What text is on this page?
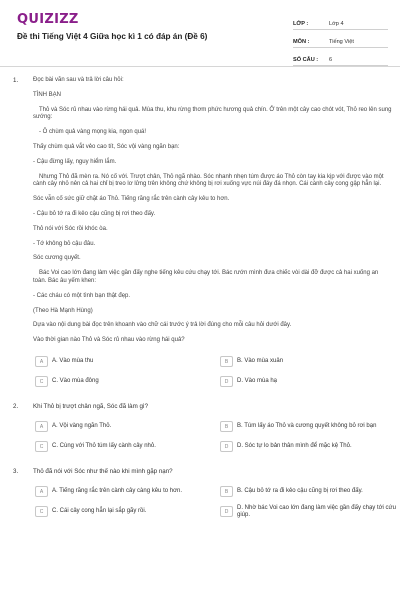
QUIZIZZ
Đề thi Tiếng Việt 4 Giữa học kì 1 có đáp án (Đề 6)
LỚP :	Lớp 4
MÔN :	Tiếng Việt
SỐ CÂU :	6
1. Đọc bài văn sau và trả lời câu hỏi:
TÌNH BẠN
Thỏ và Sóc rủ nhau vào rừng hái quả. Mùa thu, khu rừng thơm phức hương quả chín. Ở trên một cây cao chót vót, Thỏ reo lên sung sướng:
- Ô chùm quả vàng mọng kia, ngon quá!
Thấy chùm quả vắt vẻo cao tít, Sóc vội vàng ngăn bạn:
- Cậu đừng lấy, nguy hiểm lắm.
Nhưng Thỏ đã mèn ra. Nó cố với. Trượt chân, Thỏ ngã nhào. Sóc nhanh nhẹn túm được áo Thỏ còn tay kia kịp với được vào một cành cây nhỏ nên cả hai chỉ bị treo lơ lửng trên không chứ không bị rơi xuống vực núi đáy đá nhọn. Cái cành cây cong gập hẳn lại.
Sóc vẫn cố sức giữ chặt áo Thỏ. Tiếng răng rắc trên cành cây kêu to hơn.
- Cậu bỏ tớ ra đi kẻo cậu cũng bị rơi theo đấy.
Thỏ nói với Sóc rồi khóc òa.
- Tớ không bỏ cậu đâu.
Sóc cương quyết.
Bác Voi cao lớn đang làm việc gần đấy nghe tiếng kêu cứu chạy tới. Bác rướn mình đưa chiếc vòi dài đỡ được cả hai xuống an toàn. Bác âu yếm khen:
- Các cháu có một tình bạn thật đẹp.
(Theo Hà Mạnh Hùng)
Dựa vào nội dung bài đọc trên khoanh vào chữ cái trước ý trả lời đúng cho mỗi câu hỏi dưới đây.
Vào thời gian nào Thỏ và Sóc rủ nhau vào rừng hái quả?
A	A. Vào mùa thu	B	B. Vào mùa xuân
C	C. Vào mùa đông	D	D. Vào mùa hạ
2. Khi Thỏ bị trượt chân ngã, Sóc đã làm gì?
A	A. Vội vàng ngăn Thỏ.	B	B. Túm lấy áo Thỏ và cương quyết không bỏ rơi bạn
C	C. Cùng với Thỏ túm lấy cành cây nhỏ.	D	D. Sóc tự lo bản thân mình để mặc kệ Thỏ.
3. Thỏ đã nói với Sóc như thế nào khi mình gặp nạn?
A	A. Tiếng răng rắc trên cành cây càng kêu to hơn.	B	B. Cậu bỏ tớ ra đi kẻo cậu cũng bị rơi theo đấy.
C	C. Cái cây cong hẳn lại sắp gãy rồi.	D
D. Nhờ bác Voi cao lớn đang làm việc gần đấy chạy tới cứu giúp.
